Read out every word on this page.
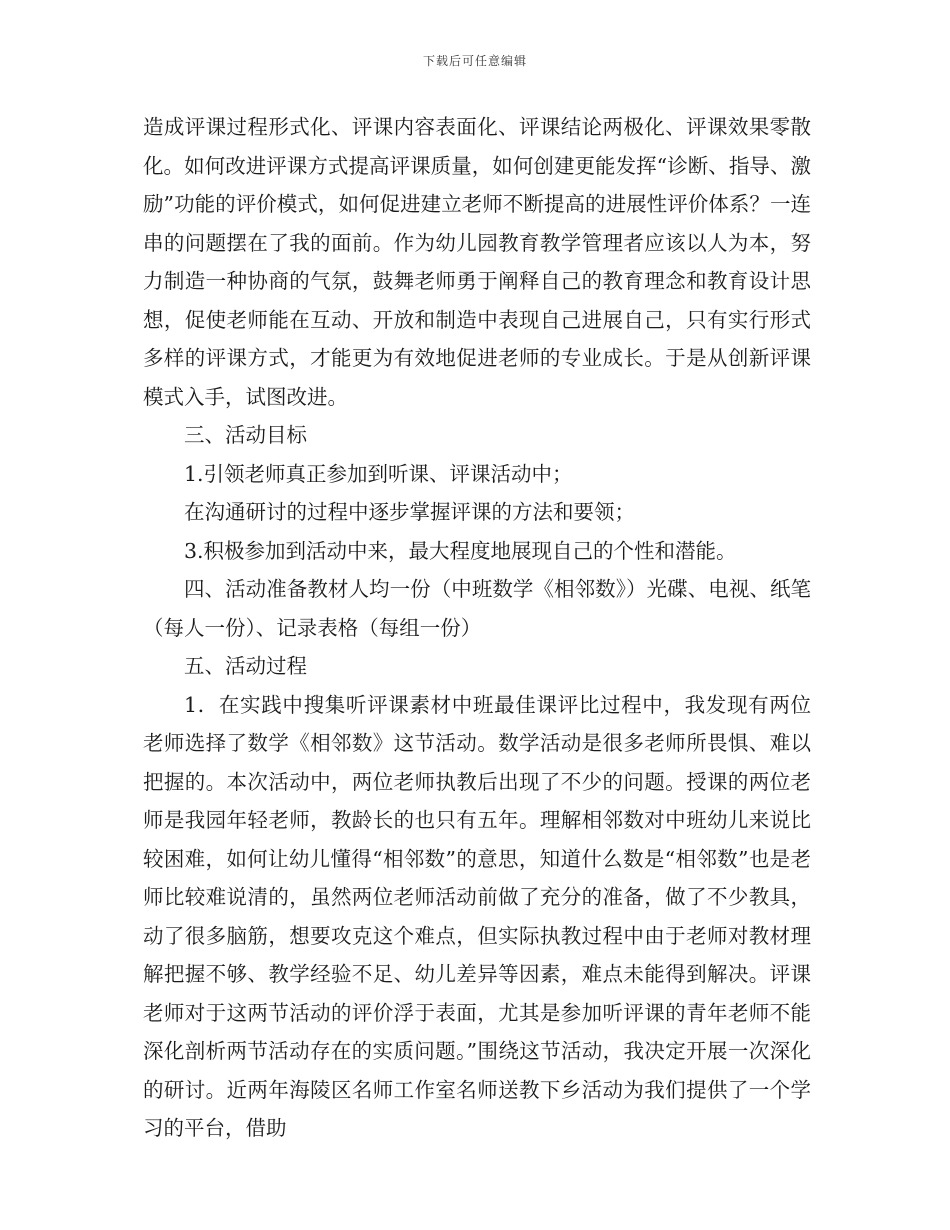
下载后可任意编辑

造成评课过程形式化、评课内容表面化、评课结论两极化、评课效果零散化。如何改进评课方式提高评课质量，如何创建更能发挥“诊断、指导、激励”功能的评价模式，如何促进建立老师不断提高的进展性评价体系？一连串的问题摆在了我的面前。作为幼儿园教育教学管理者应该以人为本，努力制造一种协商的气氛，鼓舞老师勇于阐释自己的教育理念和教育设计思想，促使老师能在互动、开放和制造中表现自己进展自己，只有实行形式多样的评课方式，才能更为有效地促进老师的专业成长。于是从创新评课模式入手，试图改进。

三、活动目标

1.引领老师真正参加到听课、评课活动中；

在沟通研讨的过程中逐步掌握评课的方法和要领；

3.积极参加到活动中来，最大程度地展现自己的个性和潜能。

四、活动准备教材人均一份（中班数学《相邻数》）光碟、电视、纸笔（每人一份）、记录表格（每组一份）

五、活动过程

1．在实践中搜集听评课素材中班最佳课评比过程中，我发现有两位老师选择了数学《相邻数》这节活动。数学活动是很多老师所畏惧、难以把握的。本次活动中，两位老师执教后出现了不少的问题。授课的两位老师是我园年轻老师，教龄长的也只有五年。理解相邻数对中班幼儿来说比较困难，如何让幼儿懂得“相邻数”的意思，知道什么数是“相邻数”也是老师比较难说清的，虽然两位老师活动前做了充分的准备，做了不少教具，动了很多脑筋，想要攻克这个难点，但实际执教过程中由于老师对教材理解把握不够、教学经验不足、幼儿差异等因素，难点未能得到解决。评课老师对于这两节活动的评价浮于表面，尤其是参加听评课的青年老师不能深化剖析两节活动存在的实质问题。”围绕这节活动，我决定开展一次深化的研讨。近两年海陵区名师工作室名师送教下乡活动为我们提供了一个学习的平台，借助
